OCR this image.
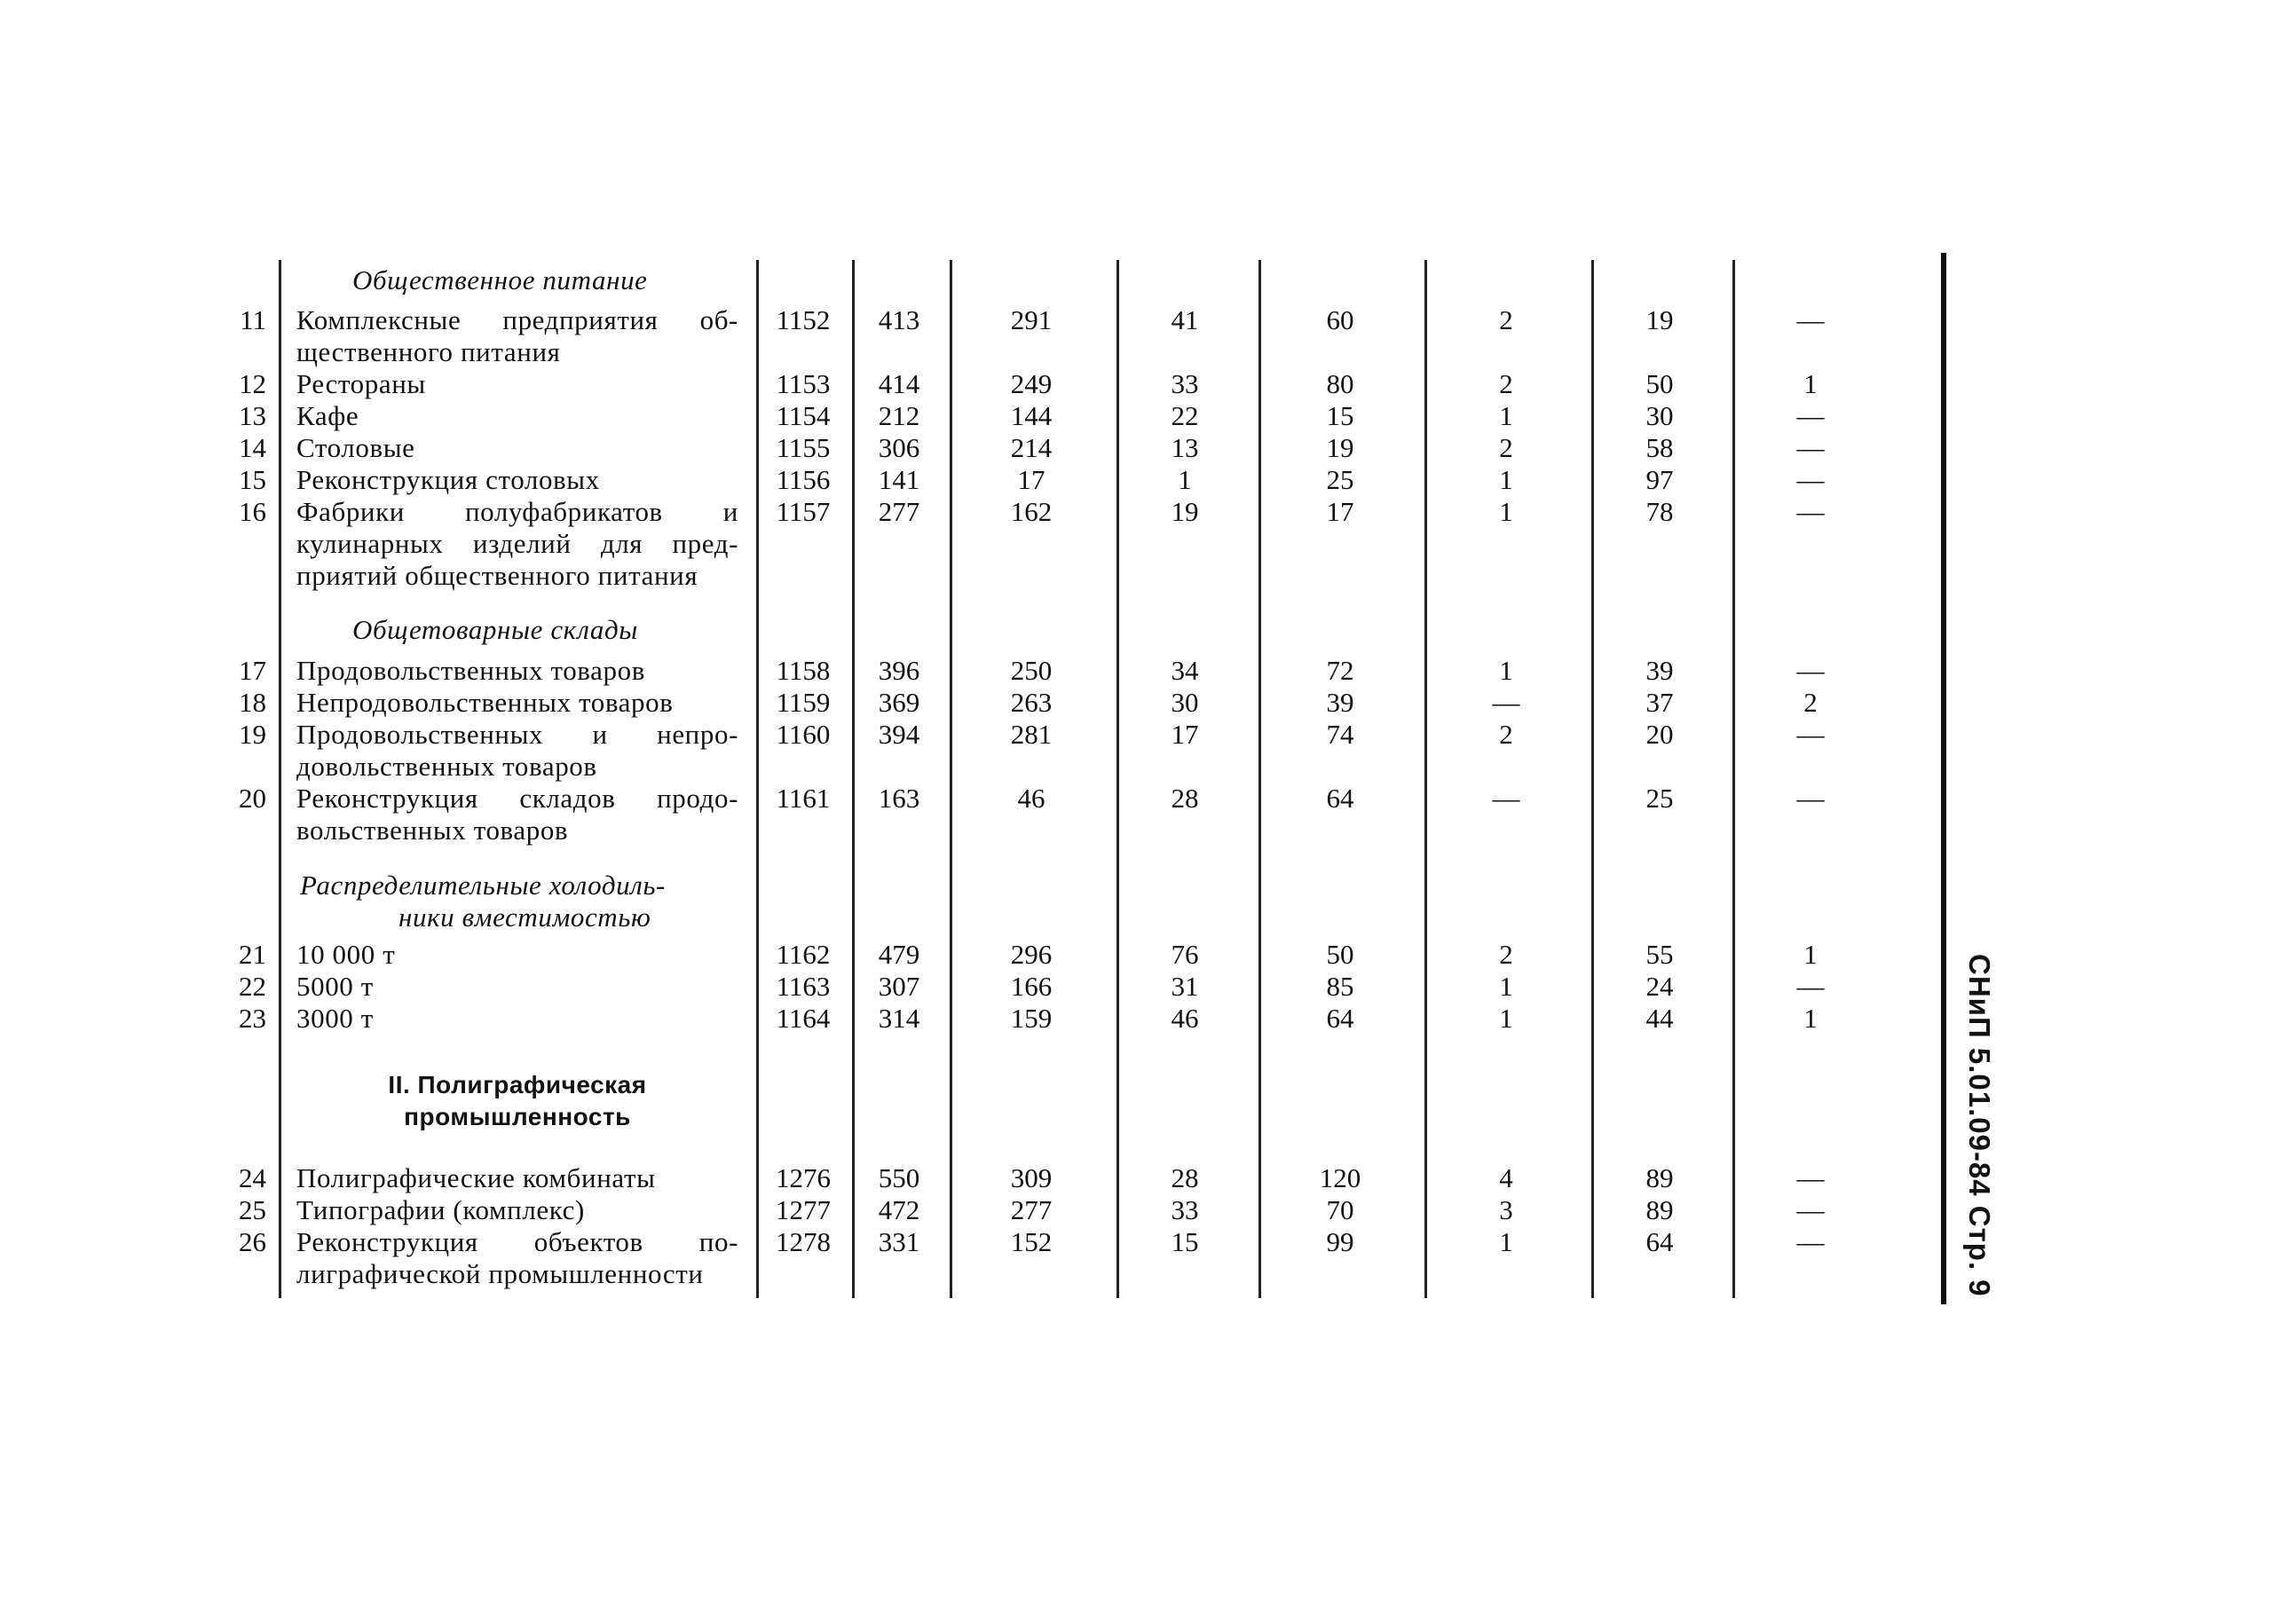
Общественное питание
Общетоварные склады
Распределительные холодиль-
ники вместимостью
II. Полиграфическая
промышленность
11 Комплексные предприятия об-
щественного питания
1152	413	291	41	60	2	19	—
12 Рестораны	1153	414	249	33	80	2	50	1
13 Кафе	1154	212	144	22	15	1	30	—
14 Столовые	1155	306	214	13	19	2	58	—
15 Реконструкция столовых	1156	141	17	1	25	1	97	—
16 Фабрики полуфабрикатов и
кулинарных изделий для пред-
приятий общественного питания
1157	277	162	19	17	1	78	—
17 Продовольственных товаров	1158	396	250	34	72	1	39	—
18 Непродовольственных товаров	1159	369	263	30	39	—	37	2
19 Продовольственных и непро-
довольственных товаров
1160	394	281	17	74	2	20	—
20 Реконструкция складов продо-
вольственных товаров
1161	163	46	28	64	—	25	—
21 10 000 т	1162	479	296	76	50	2	55	1
22 5000 т	1163	307	166	31	85	1	24	—
23 3000 т	1164	314	159	46	64	1	44	1
24 Полиграфические комбинаты	1276	550	309	28	120	4	89	—
25 Типографии (комплекс)	1277	472	277	33	70	3	89	—
26 Реконструкция объектов по-
лиграфической промышленности
1278	331	152	15	99	1	64	—	СНиП 5.01.09-84 Стр. 9
